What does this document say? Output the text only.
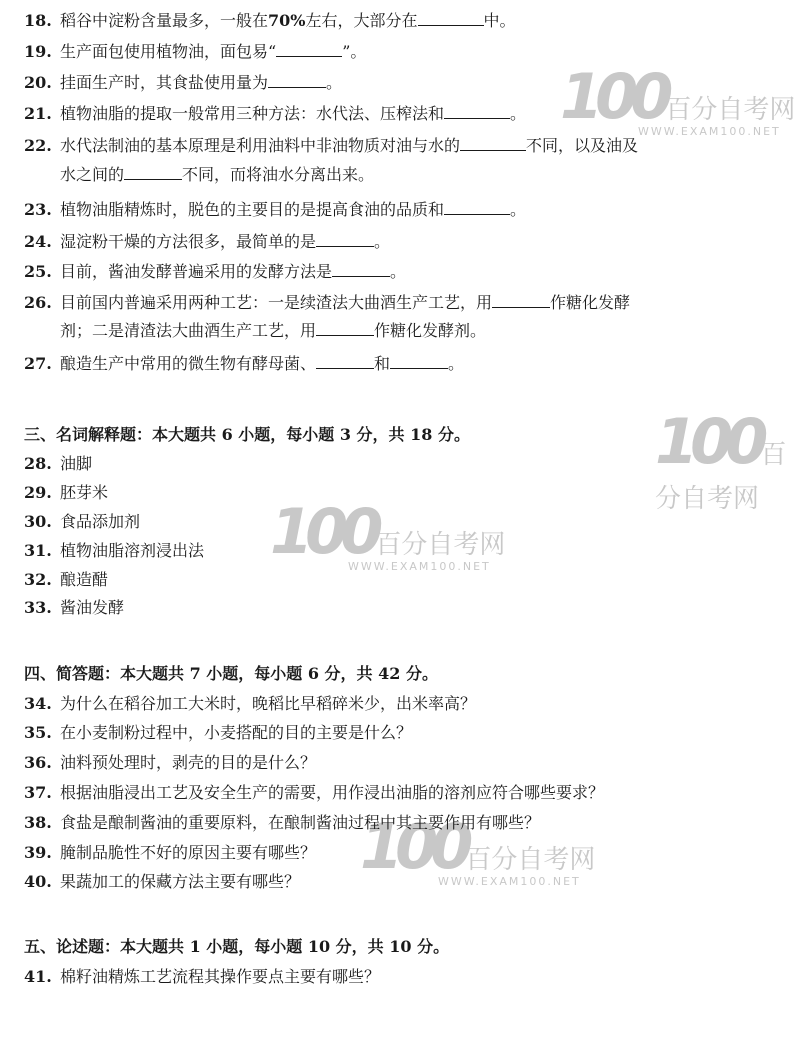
100百分自考网
WWW.EXAM100.NET
100百分自考网
100百分自考网
WWW.EXAM100.NET
100百分自考网
WWW.EXAM100.NET
18. 稻谷中淀粉含量最多，一般在70%左右，大部分在	中。
19. 生产面包使用植物油，面包易“	”。
20. 挂面生产时，其食盐使用量为	。
21. 植物油脂的提取一般常用三种方法：水代法、压榨法和	。
22. 水代法制油的基本原理是利用油料中非油物质对油与水的	不同，以及油及
水之间的	不同，而将油水分离出来。
23. 植物油脂精炼时，脱色的主要目的是提高食油的品质和	。
24. 湿淀粉干燥的方法很多，最简单的是	。
25. 目前，酱油发酵普遍采用的发酵方法是	。
26. 目前国内普遍采用两种工艺：一是续渣法大曲酒生产工艺，用	作糖化发酵
剂；二是清渣法大曲酒生产工艺，用	作糖化发酵剂。
27. 酿造生产中常用的微生物有酵母菌、	和	。
三、名词解释题：本大题共 6 小题，每小题 3 分，共 18 分。
28. 油脚
29. 胚芽米
30. 食品添加剂
31. 植物油脂溶剂浸出法
32. 酿造醋
33. 酱油发酵
四、简答题：本大题共 7 小题，每小题 6 分，共 42 分。
34. 为什么在稻谷加工大米时，晚稻比早稻碎米少，出米率高？
35. 在小麦制粉过程中，小麦搭配的目的主要是什么？
36. 油料预处理时，剥壳的目的是什么？
37. 根据油脂浸出工艺及安全生产的需要，用作浸出油脂的溶剂应符合哪些要求？
38. 食盐是酿制酱油的重要原料，在酿制酱油过程中其主要作用有哪些？
39. 腌制品脆性不好的原因主要有哪些？
40. 果蔬加工的保藏方法主要有哪些？
五、论述题：本大题共 1 小题，每小题 10 分，共 10 分。
41. 棉籽油精炼工艺流程其操作要点主要有哪些？
